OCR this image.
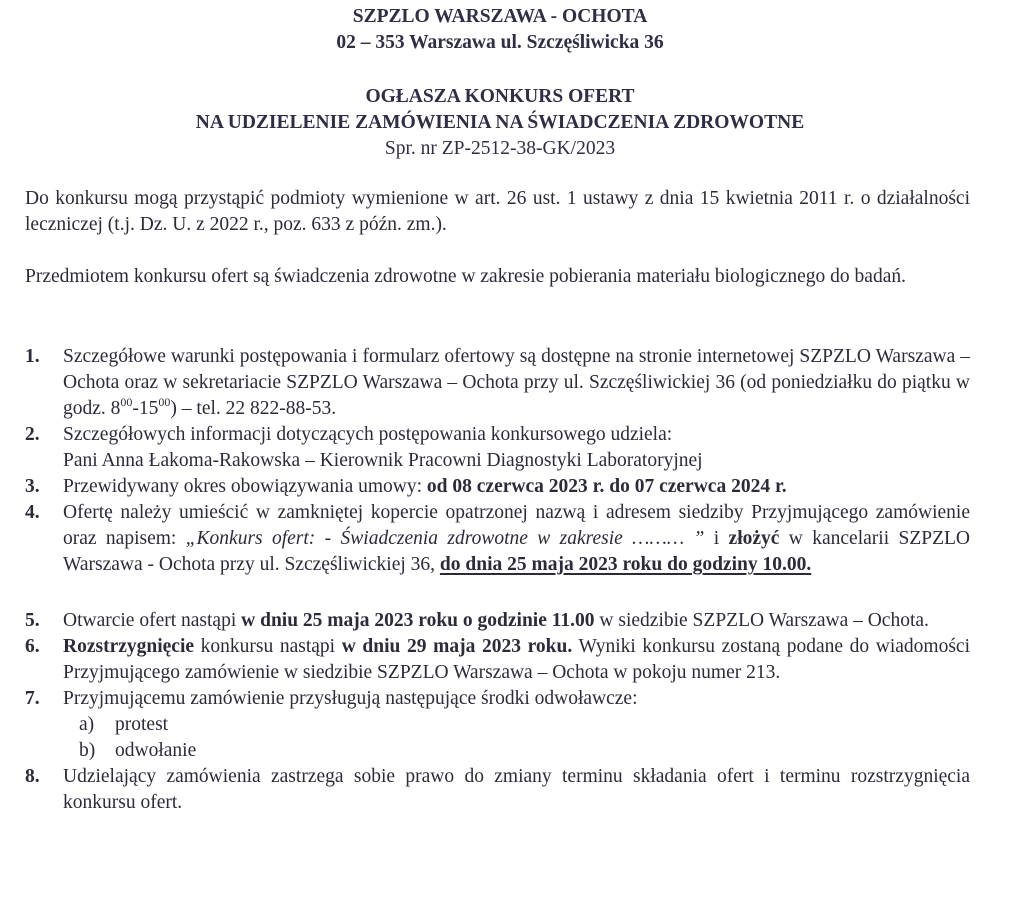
SZPZLO WARSZAWA - OCHOTA
02 – 353 Warszawa ul. Szczęśliwicka 36
OGŁASZA KONKURS OFERT
NA UDZIELENIE ZAMÓWIENIA NA ŚWIADCZENIA ZDROWOTNE
Spr. nr ZP-2512-38-GK/2023
Do konkursu mogą przystąpić podmioty wymienione w art. 26 ust. 1 ustawy z dnia 15 kwietnia 2011 r. o działalności leczniczej (t.j. Dz. U. z 2022 r., poz. 633 z późn. zm.).
Przedmiotem konkursu ofert są świadczenia zdrowotne w zakresie pobierania materiału biologicznego do badań.
1.	Szczegółowe warunki postępowania i formularz ofertowy są dostępne na stronie internetowej SZPZLO Warszawa – Ochota oraz w sekretariacie SZPZLO Warszawa – Ochota przy ul. Szczęśliwickiej 36 (od poniedziałku do piątku w godz. $8^{00}-15^{00}$) – tel. 22 822-88-53.
2.	Szczegółowych informacji dotyczących postępowania konkursowego udziela:
Pani Anna Łakoma-Rakowska – Kierownik Pracowni Diagnostyki Laboratoryjnej
3.	Przewidywany okres obowiązywania umowy: od 08 czerwca 2023 r. do 07 czerwca 2024 r.
4.	Ofertę należy umieścić w zamkniętej kopercie opatrzonej nazwą i adresem siedziby Przyjmującego zamówienie oraz napisem: „Konkurs ofert: - Świadczenia zdrowotne w zakresie ……… ” i złożyć w kancelarii SZPZLO Warszawa - Ochota przy ul. Szczęśliwickiej 36, do dnia 25 maja 2023 roku do godziny 10.00.
5.	Otwarcie ofert nastąpi w dniu 25 maja 2023 roku o godzinie 11.00 w siedzibie SZPZLO Warszawa – Ochota.
6.	Rozstrzygnięcie konkursu nastąpi w dniu 29 maja 2023 roku. Wyniki konkursu zostaną podane do wiadomości Przyjmującego zamówienie w siedzibie SZPZLO Warszawa – Ochota w pokoju numer 213.
7.	Przyjmującemu zamówienie przysługują następujące środki odwoławcze:
a)	protest
b)	odwołanie
8.	Udzielający zamówienia zastrzega sobie prawo do zmiany terminu składania ofert i terminu rozstrzygnięcia konkursu ofert.
